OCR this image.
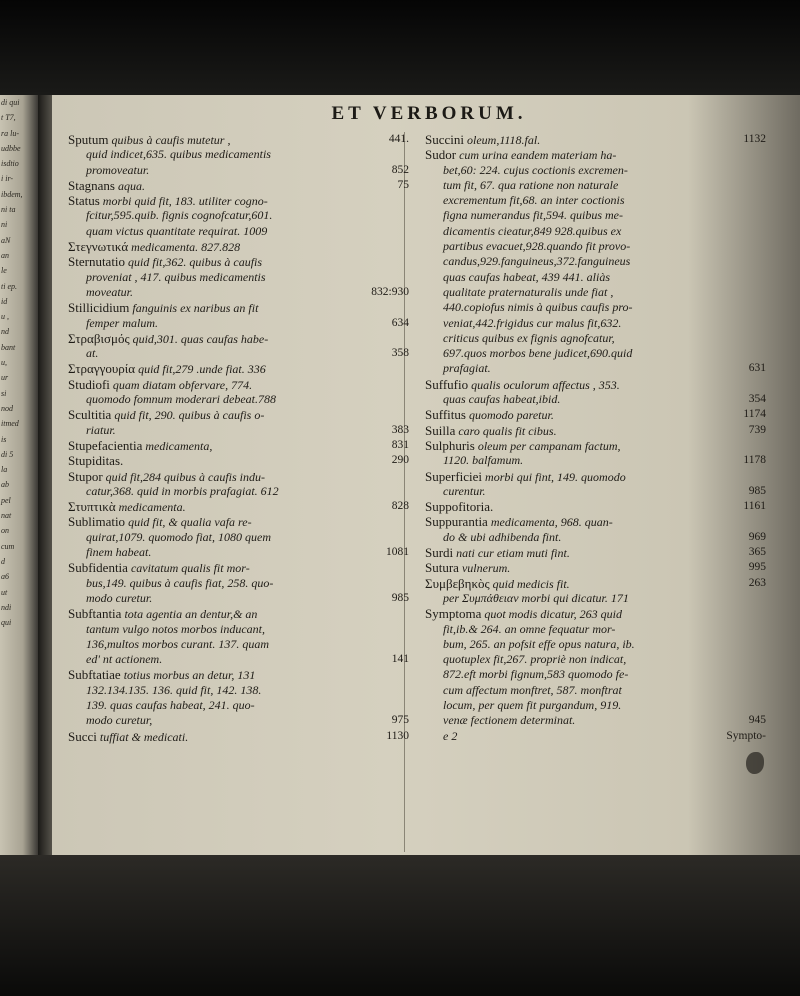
di qui
t T7,
ra lu-
udbbe
isdtio
i ir-
ibdem,
ni ta
ni
aN
an
le
ti ep.
id
u ,
nd
bant
u,
ur
si
nod
itmed
is
di 5
la
ab
pel
nat
on
cum
d
a6
ut
ndi
qui
ET VERBORUM.
Sputum quibus à caufis mutetur ,	441.
quid indicet,635. quibus medicamentis
promoveatur.	852
Stagnans aqua.	75
Status morbi quid fit, 183. utiliter cogno-
fcitur,595.quib. fignis cognofcatur,601.
quam victus quantitate requirat. 1009
Στεγνωτικά medicamenta. 827.828
Sternutatio quid fit,362. quibus à caufis
proveniat , 417. quibus medicamentis
moveatur.	832:930
Stillicidium fanguinis ex naribus an fit
femper malum.	634
Στραβισμός quid,301. quas caufas habe-
at.	358
Στραγγουρία quid fit,279 .unde fiat. 336
Studiofi quam diatam obfervare, 774.
quomodo fomnum moderari debeat.788
Scultitia quid fit, 290. quibus à caufis o-
riatur.	383
Stupefacientia medicamenta,	831
Stupiditas.	290
Stupor quid fit,284 quibus à caufis indu-
catur,368. quid in morbis prafagiat. 612
Στυπτικὰ medicamenta.	828
Sublimatio quid fit, & qualia vafa re-
quirat,1079. quomodo fiat, 1080 quem
finem habeat.	1081
Subfidentia cavitatum qualis fit mor-
bus,149. quibus à caufis fiat, 258. quo-
modo curetur.	985
Subftantia tota agentia an dentur,& an
tantum vulgo notos morbos inducant,
136,multos morbos curant. 137. quam
ed' nt actionem.	141
Subftatiae totius morbus an detur, 131
132.134.135. 136. quid fit, 142. 138.
139. quas caufas habeat, 241. quo-
modo curetur,	975
Succi tuffiat & medicati.	1130
Succini oleum,1118.fal.	1132
Sudor cum urina eandem materiam ha-
bet,60: 224. cujus coctionis excremen-
tum fit, 67. qua ratione non naturale
excrementum fit,68. an inter coctionis
figna numerandus fit,594. quibus me-
dicamentis cieatur,849 928.quibus ex
partibus evacuet,928.quando fit provo-
candus,929.fanguineus,372.fanguineus
quas caufas habeat, 439 441. aliàs
qualitate praternaturalis unde fiat ,
440.copiofus nimis à quibus caufis pro-
veniat,442.frigidus cur malus fit,632.
criticus quibus ex fignis agnofcatur,
697.quos morbos bene judicet,690.quid
prafagiat.	631
Suffufio qualis oculorum affectus , 353.
quas caufas habeat,ibid.	354
Suffitus quomodo paretur.	1174
Suilla caro qualis fit cibus.	739
Sulphuris oleum per campanam factum,
1120. balfamum.	1178
Superficiei morbi qui fint, 149. quomodo
curentur.	985
Suppofitoria.	1161
Suppurantia medicamenta, 968. quan-
do & ubi adhibenda fint.	969
Surdi nati cur etiam muti fint.	365
Sutura vulnerum.	995
Συμβεβηκὸς quid medicis fit.	263
per Συμπάθειαν morbi qui dicatur. 171
Symptoma quot modis dicatur, 263 quid
fit,ib.& 264. an omne fequatur mor-
bum, 265. an pofsit effe opus natura, ib.
quotuplex fit,267. propriè non indicat,
872.eft morbi fignum,583 quomodo fe-
cum affectum monftret, 587. monftrat
locum, per quem fit purgandum, 919.
venæ fectionem determinat.	945
e 2	Sympto-
